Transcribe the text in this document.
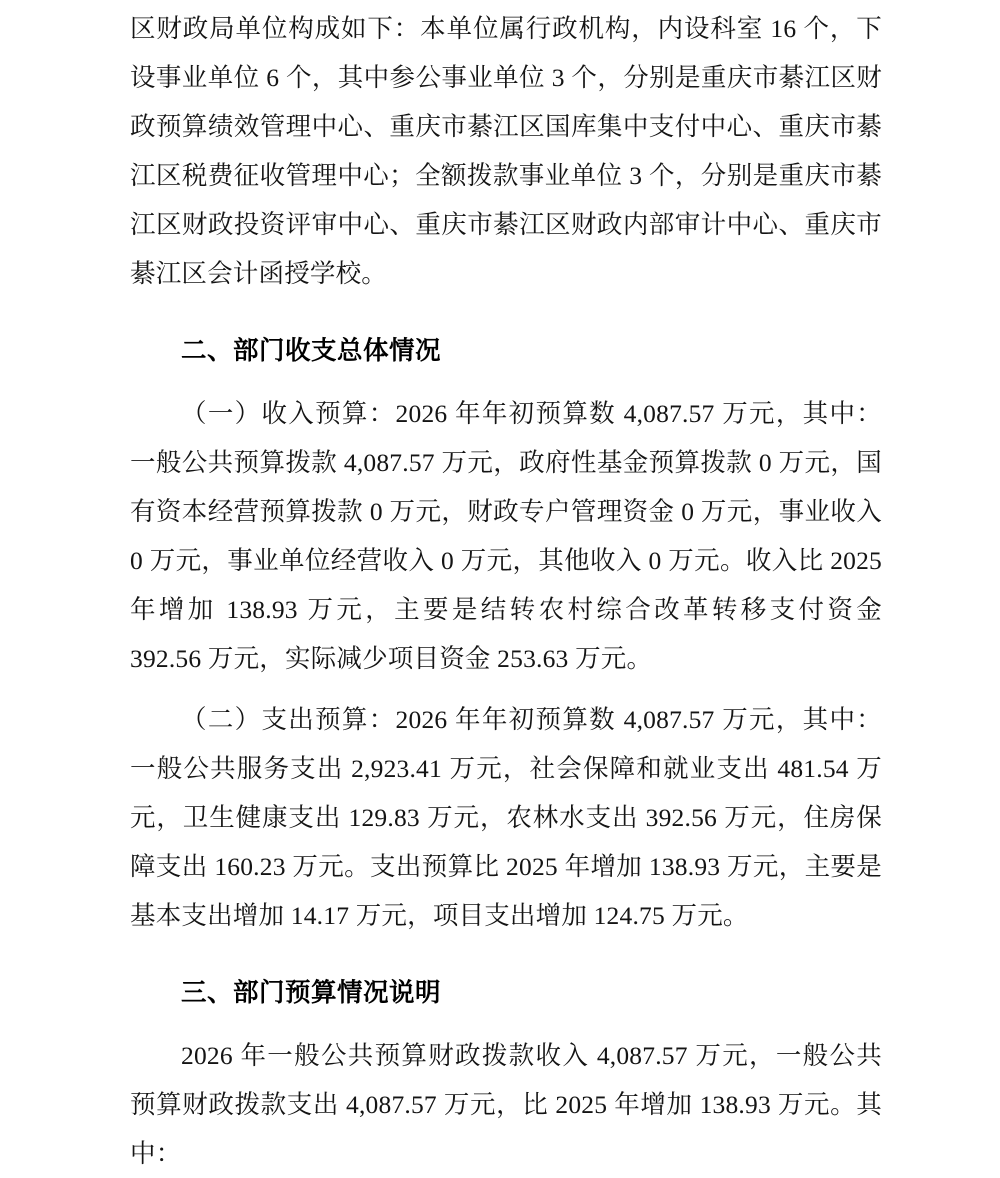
区财政局单位构成如下：本单位属行政机构，内设科室 16 个，下设事业单位 6 个，其中参公事业单位 3 个，分别是重庆市綦江区财政预算绩效管理中心、重庆市綦江区国库集中支付中心、重庆市綦江区税费征收管理中心；全额拨款事业单位 3 个，分别是重庆市綦江区财政投资评审中心、重庆市綦江区财政内部审计中心、重庆市綦江区会计函授学校。

二、部门收支总体情况

（一）收入预算：2026 年年初预算数 4,087.57 万元，其中：一般公共预算拨款 4,087.57 万元，政府性基金预算拨款 0 万元，国有资本经营预算拨款 0 万元，财政专户管理资金 0 万元，事业收入 0 万元，事业单位经营收入 0 万元，其他收入 0 万元。收入比 2025 年增加 138.93 万元，主要是结转农村综合改革转移支付资金 392.56 万元，实际减少项目资金 253.63 万元。

（二）支出预算：2026 年年初预算数 4,087.57 万元，其中：一般公共服务支出 2,923.41 万元，社会保障和就业支出 481.54 万元，卫生健康支出 129.83 万元，农林水支出 392.56 万元，住房保障支出 160.23 万元。支出预算比 2025 年增加 138.93 万元，主要是基本支出增加 14.17 万元，项目支出增加 124.75 万元。

三、部门预算情况说明

2026 年一般公共预算财政拨款收入 4,087.57 万元，一般公共预算财政拨款支出 4,087.57 万元，比 2025 年增加 138.93 万元。其中：
